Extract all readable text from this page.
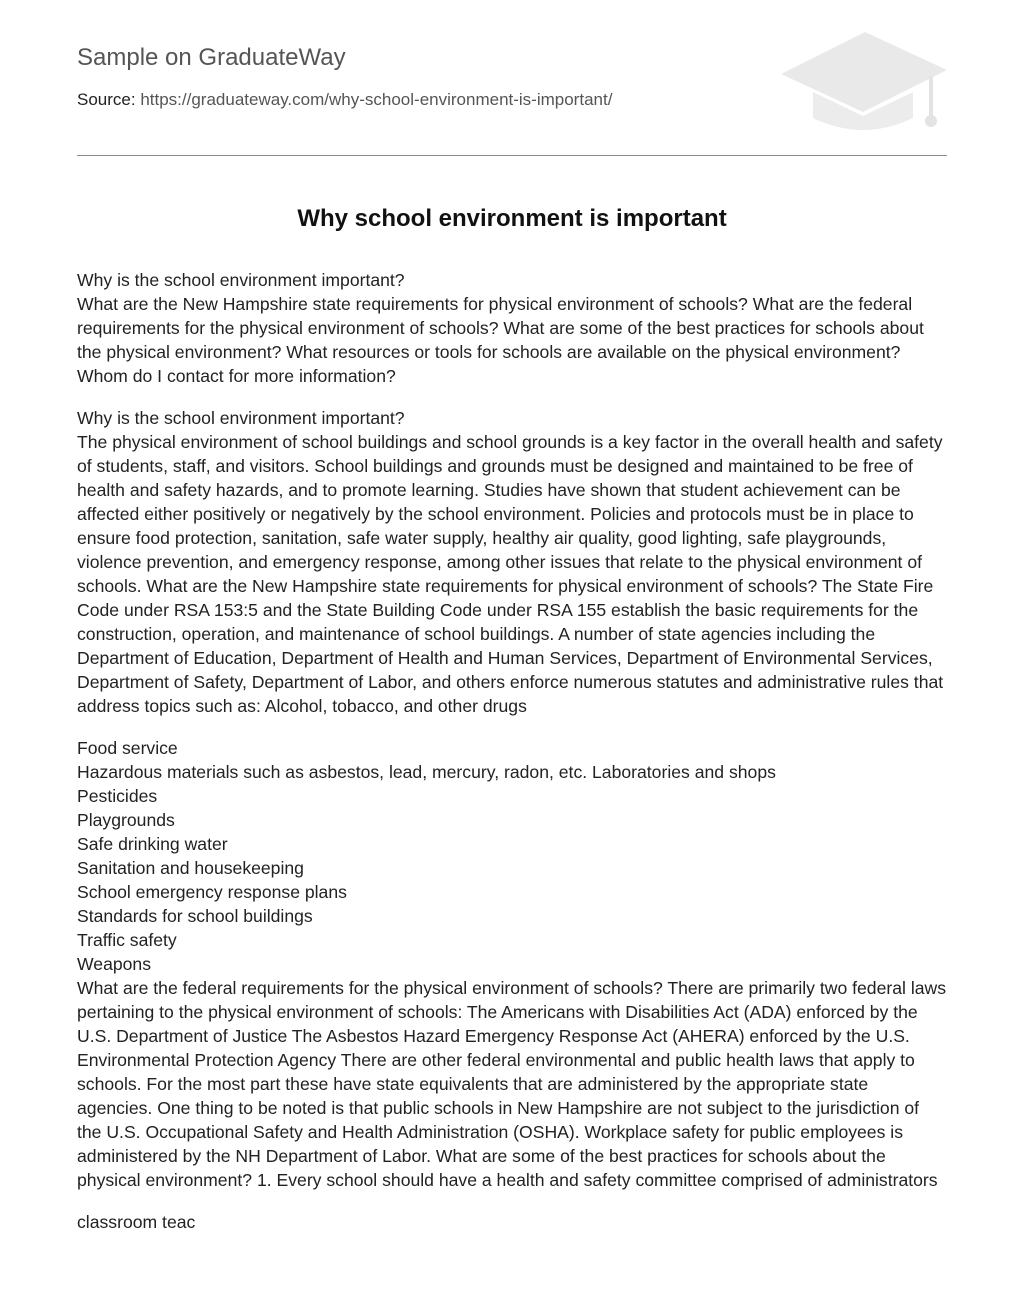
Sample on GraduateWay
Source: https://graduateway.com/why-school-environment-is-important/
Why school environment is important

Why is the school environment important?
What are the New Hampshire state requirements for physical environment of schools? What are the federal requirements for the physical environment of schools? What are some of the best practices for schools about the physical environment? What resources or tools for schools are available on the physical environment? Whom do I contact for more information?

Why is the school environment important?
The physical environment of school buildings and school grounds is a key factor in the overall health and safety of students, staff, and visitors. School buildings and grounds must be designed and maintained to be free of health and safety hazards, and to promote learning. Studies have shown that student achievement can be affected either positively or negatively by the school environment. Policies and protocols must be in place to ensure food protection, sanitation, safe water supply, healthy air quality, good lighting, safe playgrounds, violence prevention, and emergency response, among other issues that relate to the physical environment of schools. What are the New Hampshire state requirements for physical environment of schools? The State Fire Code under RSA 153:5 and the State Building Code under RSA 155 establish the basic requirements for the construction, operation, and maintenance of school buildings. A number of state agencies including the Department of Education, Department of Health and Human Services, Department of Environmental Services, Department of Safety, Department of Labor, and others enforce numerous statutes and administrative rules that address topics such as: Alcohol, tobacco, and other drugs

Food service
Hazardous materials such as asbestos, lead, mercury, radon, etc. Laboratories and shops
Pesticides
Playgrounds
Safe drinking water
Sanitation and housekeeping
School emergency response plans
Standards for school buildings
Traffic safety
Weapons
What are the federal requirements for the physical environment of schools? There are primarily two federal laws pertaining to the physical environment of schools: The Americans with Disabilities Act (ADA) enforced by the U.S. Department of Justice The Asbestos Hazard Emergency Response Act (AHERA) enforced by the U.S. Environmental Protection Agency There are other federal environmental and public health laws that apply to schools. For the most part these have state equivalents that are administered by the appropriate state agencies. One thing to be noted is that public schools in New Hampshire are not subject to the jurisdiction of the U.S. Occupational Safety and Health Administration (OSHA). Workplace safety for public employees is administered by the NH Department of Labor. What are some of the best practices for schools about the physical environment? 1. Every school should have a health and safety committee comprised of administrators

classroom teac
